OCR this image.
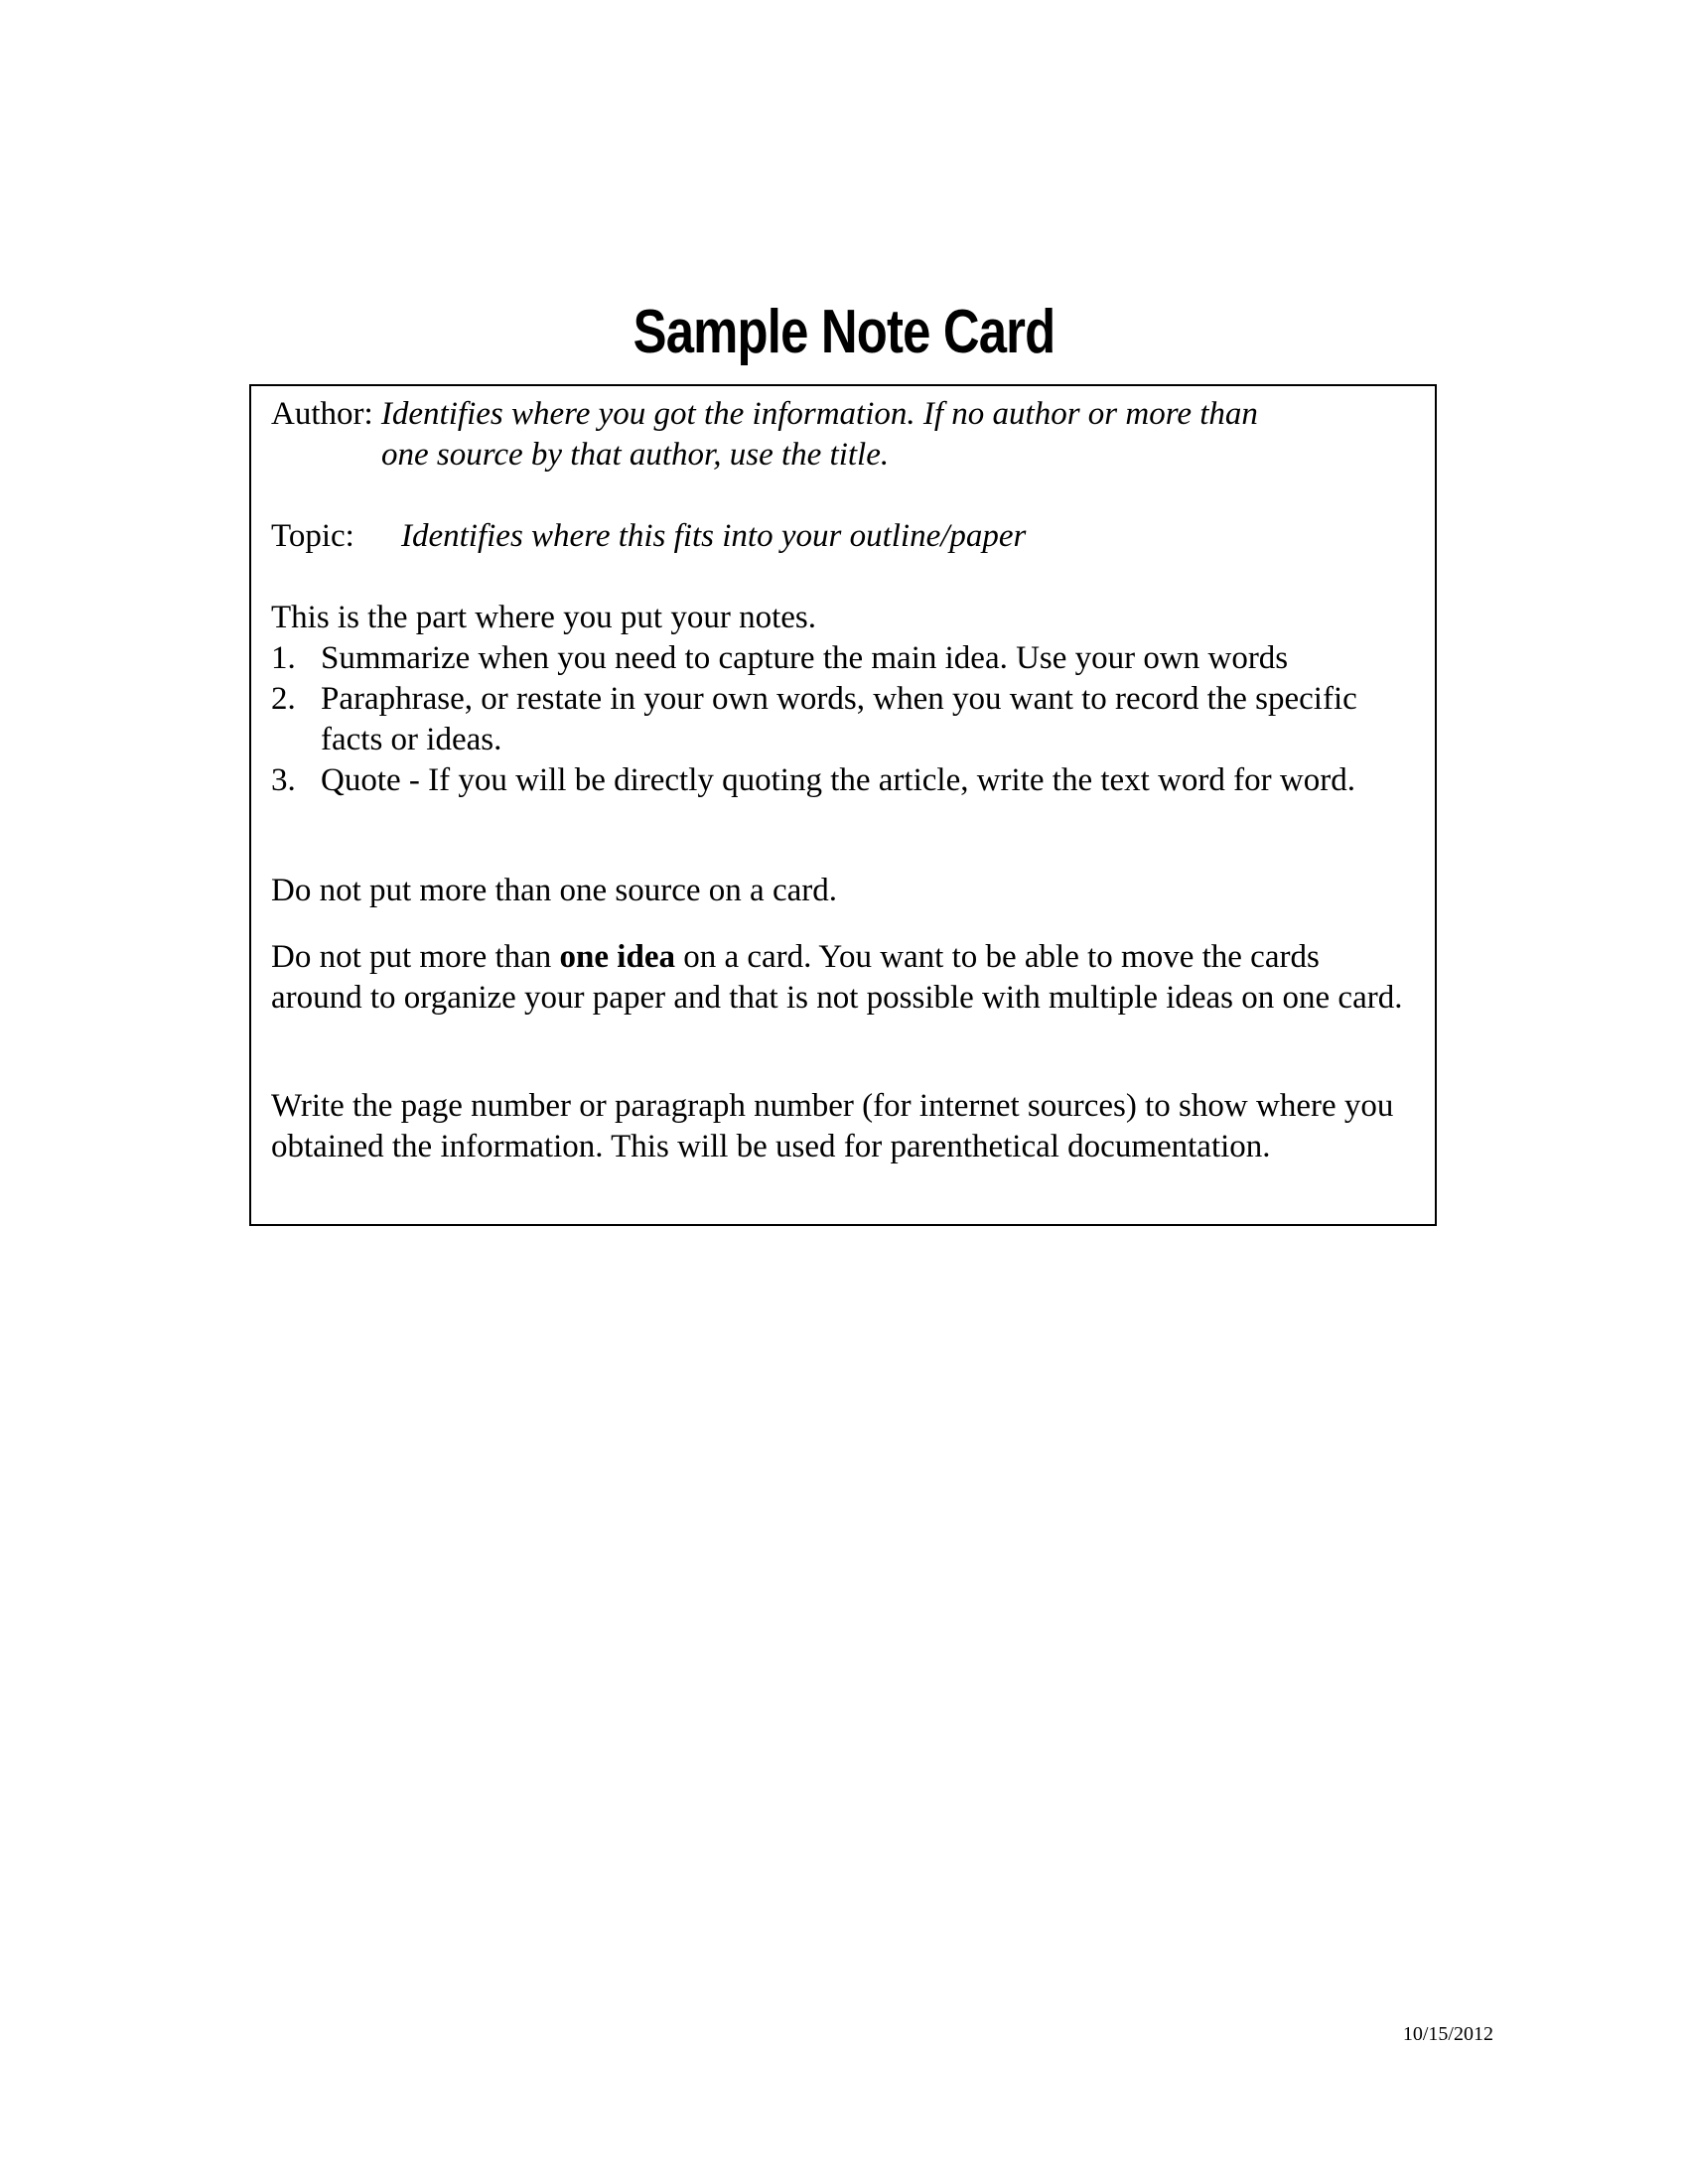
Sample Note Card

Author: Identifies where you got the information. If no author or more than

one source by that author, use the title.

Topic: Identifies where this fits into your outline/paper

This is the part where you put your notes.

1. Summarize when you need to capture the main idea. Use your own words
2. Paraphrase, or restate in your own words, when you want to record the specific facts or ideas.
3. Quote - If you will be directly quoting the article, write the text word for word.

Do not put more than one source on a card.

Do not put more than one idea on a card. You want to be able to move the cards around to organize your paper and that is not possible with multiple ideas on one card.

Write the page number or paragraph number (for internet sources) to show where you obtained the information. This will be used for parenthetical documentation.

10/15/2012
